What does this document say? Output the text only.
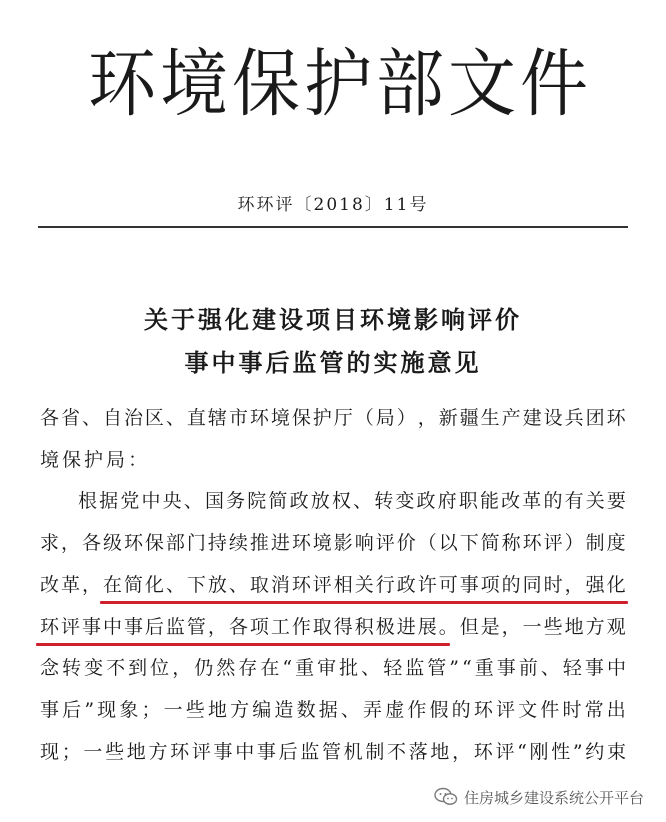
环境保护部文件
环环评〔2018〕11号
关于强化建设项目环境影响评价
事中事后监管的实施意见
各 省 、 自 治 区 、 直 辖 市 环 境 保 护 厅 （ 局 ） ， 新 疆 生 产 建 设 兵 团 环
境 保 护 局 ：
根 据 党 中 央 、 国 务 院 简 政 放 权 、 转 变 政 府 职 能 改 革 的 有 关 要
求 ， 各 级 环 保 部 门 持 续 推 进 环 境 影 响 评 价 （ 以 下 简 称 环 评 ） 制 度
改 革 ， 在 简 化 、 下 放 、 取 消 环 评 相 关 行 政 许 可 事 项 的 同 时 ， 强 化
环 评 事 中 事 后 监 管 ， 各 项 工 作 取 得 积 极 进 展 。 但 是 ， 一 些 地 方 观
念 转 变 不 到 位 ， 仍 然 存 在 “ 重 审 批 、 轻 监 管 ” “ 重 事 前 、 轻 事 中
事 后 ” 现 象 ； 一 些 地 方 编 造 数 据 、 弄 虚 作 假 的 环 评 文 件 时 常 出
现 ； 一 些 地 方 环 评 事 中 事 后 监 管 机 制 不 落 地 ， 环 评 “ 刚 性 ” 约 束
住房城乡建设系统公开平台
